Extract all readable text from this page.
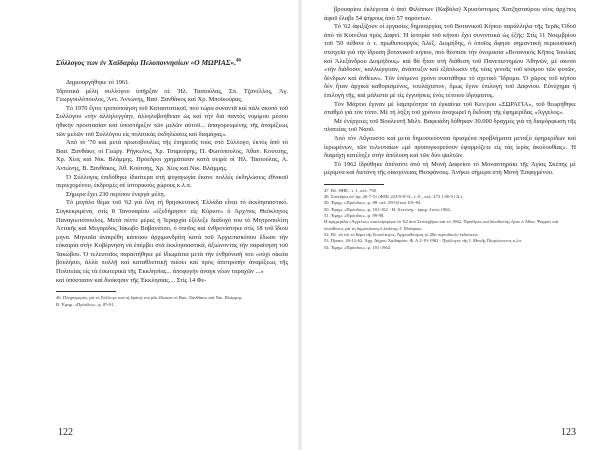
Σύλλογος των ἐν Χαϊδαρίῳ Πελοποννησίων «Ο ΜΩΡΙΑΣ».$^{46}$

Δημιουργήθηκε τὸ 1961.
Ἰδρυτικὰ μέλη συλλόγου ὑπῆρξαν οἱ: Ἠλ. Τασιούλας, Σπ. Τζανέλλος, Ἀγ. Γεωργουλόπουλος, Ἀντ. Ἀντώνης, Βασ. Ξανθάκος καὶ Χρ. Μποϊκούρας.

Τὸ 1970 ἔγινε τροποποίηση τοῦ Καταστατικοῦ, ποὺ τώρα συναντᾶ καὶ πάλι σκοπὸ τοῦ Συλλόγου «τὴν ἀλληλεγγύην, ἀλληλοβοήθειαν ὡς καὶ τὴν διὰ παντὸς νομίμου μέσου ἠθικὴν προστασίαν καὶ ὑποστήριξιν τῶν μελῶν αὐτοῦ... ἀπαγορευμένης τῆς ἀναμίξεως τῶν μελῶν τοῦ Συλλόγου εἰς πολιτικὰς ἐκδηλώσεις καὶ διαμάχας».

Ἀπὸ τὸ '70 καὶ μετὰ πρωτοβουλίες τῆς ἐπηρεοῦς τοὺς στὸ Σύλλογο, ἐκτὸς ἀπὸ τὸ Βασ. Ξανθάκο, οἱ Γεώργ. Ρήγκελος, Χρ. Τσαμούρης, Π. Φωτόπουλος, Ἀθαν. Κούτσης, Χρ. Χίος καὶ Νικ. Βλάμμης. Πρόεδροι χρημάτισαν κατὰ σειρὰ οἱ Ἠλ. Τασιούλας, Α. Ἀντώνης, Β. Ξανθάκος, Ἀθ. Κούτσης, Χρ. Χίος καὶ Νικ. Βλάμμης.

Ὁ Σύλλογος ἐπιδόθηκε ἰδιαίτερα στὴ ψυχαγωγία ἔκανε πολλὲς ἐκδηλώσεις ἐθνικοῦ περιεχομένου, ἐκδρομὲς σὲ ἱστορικοὺς χώρους κ.λ.π.

Σήμερα ἔχει 230 περίπου ἐνεργὰ μέλη.

Τὸ μεγάλο θέμα τοῦ '62 γιὰ ὅλη τὴ θρησκευτικὴ Ἑλλάδα εἶναι τὸ ἐκκλησιαστικό. Συγκεκριμένα, στὶς 8 Ἰανουαρίου «ἐξεδήμησεν εἰς Κύριον» ὁ Ἀρχ/πος Θεόκλητος Παναγιωτόπουλος. Μετὰ πέντε μέρες ἡ Ἱεραρχία ἐξέλεξε διάδοχό του τὸ Μητροπολίτη Ἀττικῆς καὶ Μεγαρίδος Ἰάκωβο Βαβανάτσο, ὁ ὁποῖος καὶ ἐνθρονίστηκε στὶς 18 τοῦ ἴδιου μηνα. Μηνιαῖα ἀναιρέθη κάποιου ἀρχιμανδρίτη κατὰ τοῦ Ἀρχιεπισκόπου ἔδωσε τὴν εὐκαιρία στὴν Κυβέρνηση νὰ ἐπέμβει στὰ ἐκκλησιαστικά, ἀξιώνοντας τὴν παραίτηση τοῦ Ἰακώβου. Ὁ τελευταῖος παραιτήθηκε μὲ ἰδιωμάτια μετὰ τὴν ἐνθρόνισή του «οὐχὶ οἰκεία βουλήσει, ἀλλὰ πολλῇ καὶ καταθλιπτικῇ πιέσει καὶ πρὸς ἀποτροπὴν ἀναμίξεως τῆς Πολιτείας εἰς τὰ ἐσωτερικὰ τῆς Ἐκκλησίας... ἀποφυγὴν ἀναγκ νέων ταραχῶν ...»
καὶ ὑπόστασιν καὶ διοίκησιν τῆς Ἐκκλησίας.... Στὶς 14 Φε-

46. Πληροφορίες γιὰ τὸ Σύλλογο καὶ τὴ δράση του μᾶς ἔδωσαν οἱ Βασ. Ξανθάκος καὶ Νικ. Βλάμμης.

Β. Ἐφημ. «Πρόοδος», φ. 85-91.

122

βρουαρίου ἐκλέγεται ὁ ἀπὸ Φιλίππων (Καβάλα) Χρυσόστομος Χατζησταύρου νέος ἀρχ/πος ἀφοῦ ἔλαβε 54 ψήφους ἀπὸ 57 παρόντων.

Τὸ '62 ἀφιξίζουν οἱ ἐργασίες δημιουργίας τοῦ Βοτανικοῦ Κήπου παράλληλα τῆς Ἱερᾶς Ὁδοῦ ἀπὸ τὰ Κοινέλια πρὸς Δαφνί. Ἡ ἱστορία τοῦ κήπου ἔχει συνοπτικὰ ὡς ἑξῆς: Στὶς 11 Νοεμβρίου τοῦ '50 πέθανε ὁ τ. πρωθυπουργὸς Ἀλέξ. Διομήδης, ὁ ὁποῖος ἄφησε σημαντικὴ περιουσιακὴ στοιχεῖα γιὰ τὴν ἵδρυση βοτανικοῦ κήπου, ποὺ θέσπισε τὴν ὀνομασία «Βοτανικὸς Κῆπος Ἰουλίας καὶ Ἀλεξάνδρου Διομήδους» καὶ θὰ ἦταν στὴ διάθεση τοῦ Πανεπιστημίου Ἀθηνῶν, μὲ σκοπὸ «τὴν διάδοσιν, καλλιέργειαν, ἀνάπτυξιν καὶ ἐξάπλωσιν τῆς νέας γενεᾶς τοῦ κόσμου τῶν φυτῶν, δένδρων καὶ ἀνθέων». Τὸν ἐπόμενο χρόνο συστάθηκε τὸ σχετικὸ Ἴδρυμα. Ὁ χῶρος τοῦ κήπου δὲν ἦταν ἀρχικὰ καθορισμένος, τουλάχιστον, ὅμως ἔγινε ἐπιλογὴ τοῦ Δαφνίου. Εὐτύχημα ἡ ἐπιλογὴ τῆς, καὶ μάλιστα μὲ τὶς ἐγγυήσεις ἐνὸς τέτοιου ἱδρύματος.

Τὸν Μάρτιο ἔγιναν μὲ λαμπρότητα τὰ ἐγκαίνια τοῦ Κεν/ρου «ΣΩΡΑΓΙΑ», τοῦ θεωρήθηκε σταθμὸ γιὰ τὸν τόπο. Μὲ τὴ λήξη τοῦ χρόνου ἀναχωρεῖ ἡ ἔκδοση τῆς ἐφημερίδας «Ἀγγελος».

Μὲ ἐνέργειες τοῦ Βουλευτῆ Μιλτ. Βαφειάδη δόθηκαν 30.000 δραχμὲς γιὰ τὴ διαμόρφωση τῆς πλατείας τοῦ Ναοῦ.

Ἀπὸ τὸν Αὔγουστο καὶ μετὰ δημοσιεύονται ὁρισμένα προβλήματα μεταξὺ ἐφημερίδων καὶ ἱερωμένων, τῶν τελευταίων «μὲ προσυγκορεύουν ἐφαρμόζετε εἰς τὰς ἱερὰς ἀκολουθίας». Ἡ διαμάχη κατέληξε στὴν ἀπόλυση καὶ τῶν δύο ψαλτῶν.

Τὸ 1962 ἱδρύθηκε ἀπέναντι ἀπὸ τὴ Μονὴ Δαφνίου τὸ Μοναστηράκι τῆς Ἁγίας Σκέπης μὲ μέριμνα καὶ διετάνη τῆς οἰκογένειας Θεοφάνους. Ἀνήκει σήμερα στὴ Μονὴ Ἐσφιγμένου.

47. Βλ. ΘΗΕ., τ. 1, σελ. 790.

48. Συνεδρία ὑπ' ἀρ. 26-7-51 (ΦΕΚ 223/9-8-51, τ. Α΄, σελ. 273 1.06-51 Δ.).

49. Ἐφημ. «Πρόοδος», φ. 88. σελ. 89-92 καὶ 101-84.

50. Ἐφημ. «Πρόοδος», φ. 101-102 - Η. Ἀντώνης - ἐφημ. ἔτους 1962.

51. Ἐφημ. «Πρόοδος», φ. 99-98.

Η ἐφημερίδα «Ἀγγελος» κυκλοφόρησε τὸ '62 ἀπὸ Σεπτέμβριο καὶ τὸ 1962. Προέδρος καὶ διευθυντὴς ἦταν ὁ Ἀθαν. Ψαρρός καὶ ὑπεύθυνος γιὰ τὴ δημοσίευση ὁ ἐκδότης Γ. Μπάρκας.

52. Βλ. τὰ ἐπὶ τὸ θέμα τῆς Κοινότητος, Ἀρχειοθέτηση τὸ 20ὸ περιοδικῶν ἐκδόσεων.

53. Πρακτ. 26-12-62, Ἀρχ. Δήμου Χαϊδαρίου. Φ. Α 2-19-1962 - Πρόλογος τῆς Ι. Μονῆς Πετρώνοντος κ.λπ.

54. Ἐφημ. «Πρόοδος», φ. 101-1962.

123
